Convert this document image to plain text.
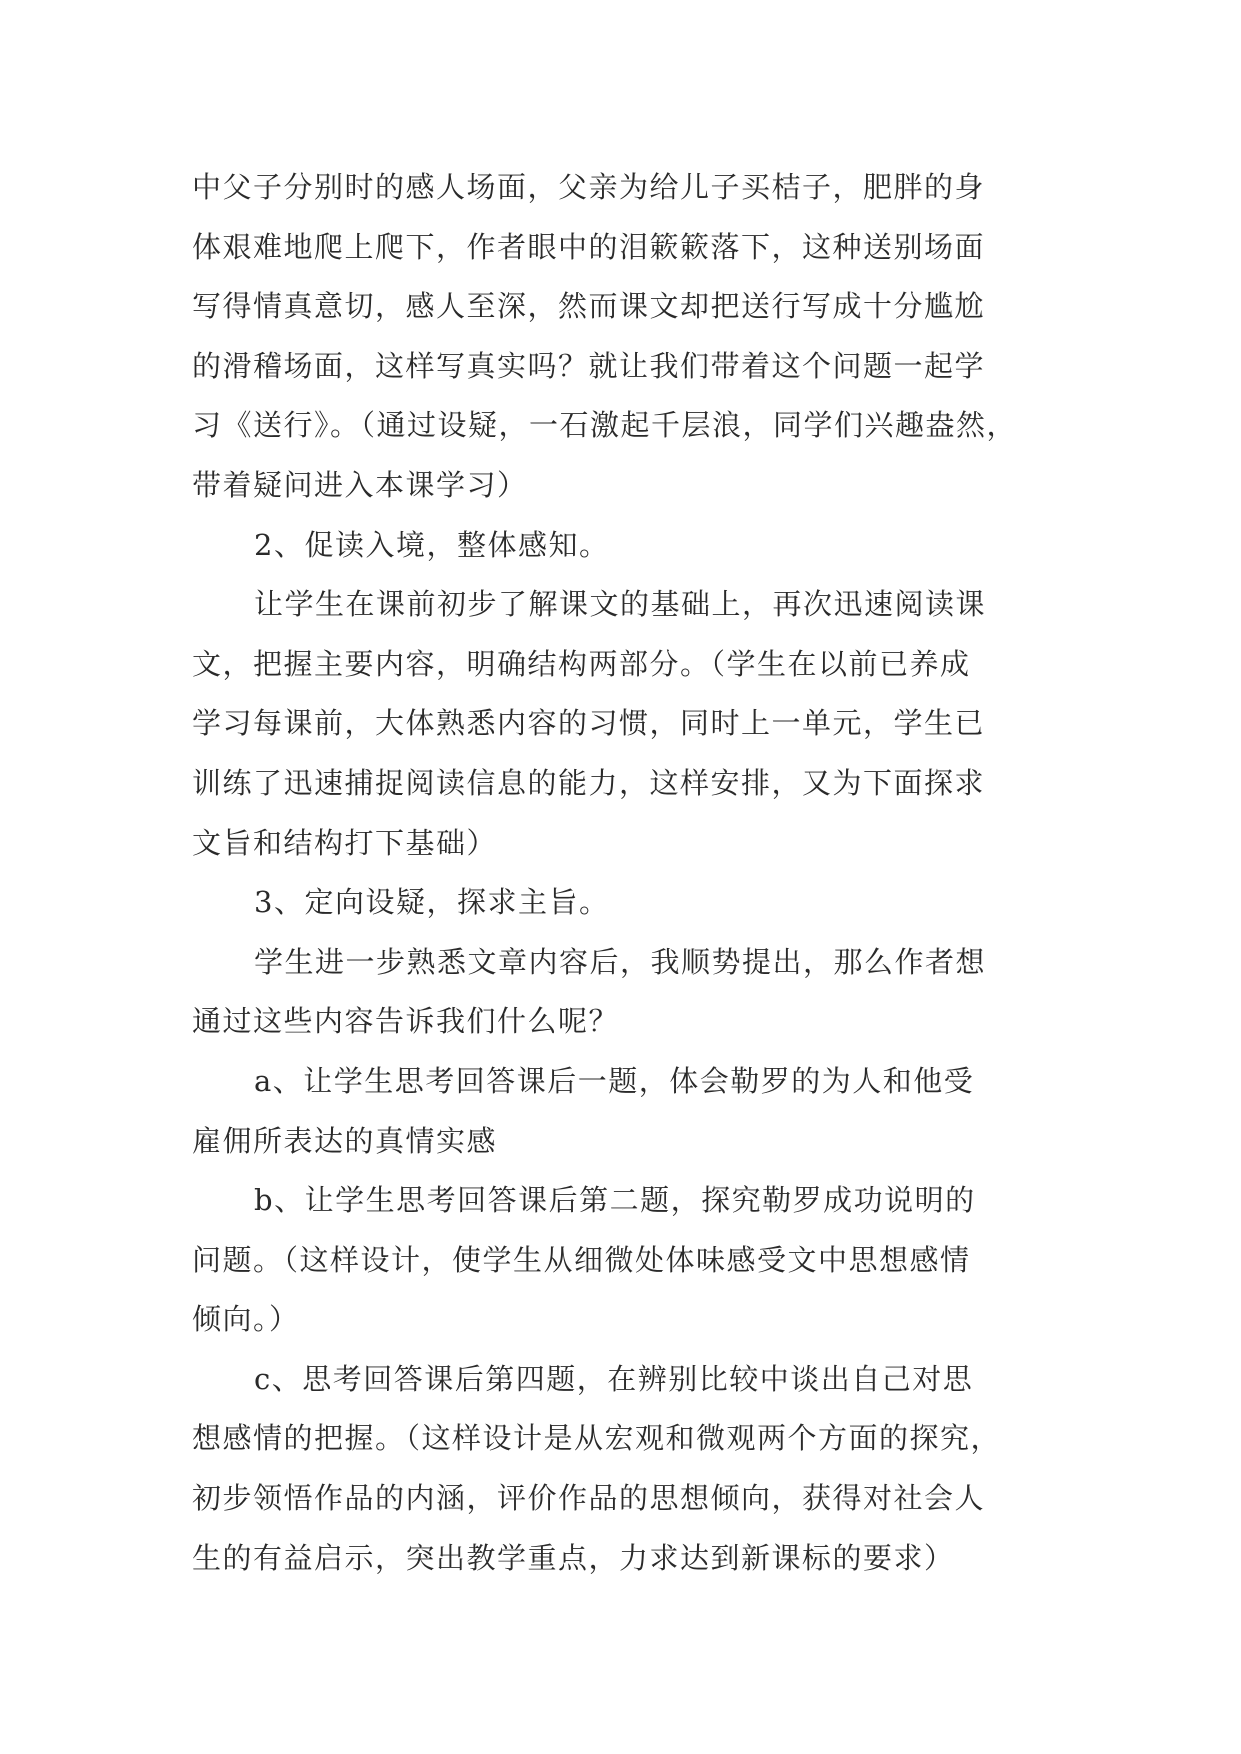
中父子分别时的感人场面，父亲为给儿子买桔子，肥胖的身
体艰难地爬上爬下，作者眼中的泪簌簌落下，这种送别场面
写得情真意切，感人至深，然而课文却把送行写成十分尴尬
的滑稽场面，这样写真实吗？就让我们带着这个问题一起学
习《送行》。（通过设疑，一石激起千层浪，同学们兴趣盎然，
带着疑问进入本课学习）
2、促读入境，整体感知。
让学生在课前初步了解课文的基础上，再次迅速阅读课
文，把握主要内容，明确结构两部分。（学生在以前已养成
学习每课前，大体熟悉内容的习惯，同时上一单元，学生已
训练了迅速捕捉阅读信息的能力，这样安排，又为下面探求
文旨和结构打下基础）
3、定向设疑，探求主旨。
学生进一步熟悉文章内容后，我顺势提出，那么作者想
通过这些内容告诉我们什么呢？
a、让学生思考回答课后一题，体会勒罗的为人和他受
雇佣所表达的真情实感
b、让学生思考回答课后第二题，探究勒罗成功说明的
问题。（这样设计，使学生从细微处体味感受文中思想感情
倾向。）
c、思考回答课后第四题，在辨别比较中谈出自己对思
想感情的把握。（这样设计是从宏观和微观两个方面的探究，
初步领悟作品的内涵，评价作品的思想倾向，获得对社会人
生的有益启示，突出教学重点，力求达到新课标的要求）
